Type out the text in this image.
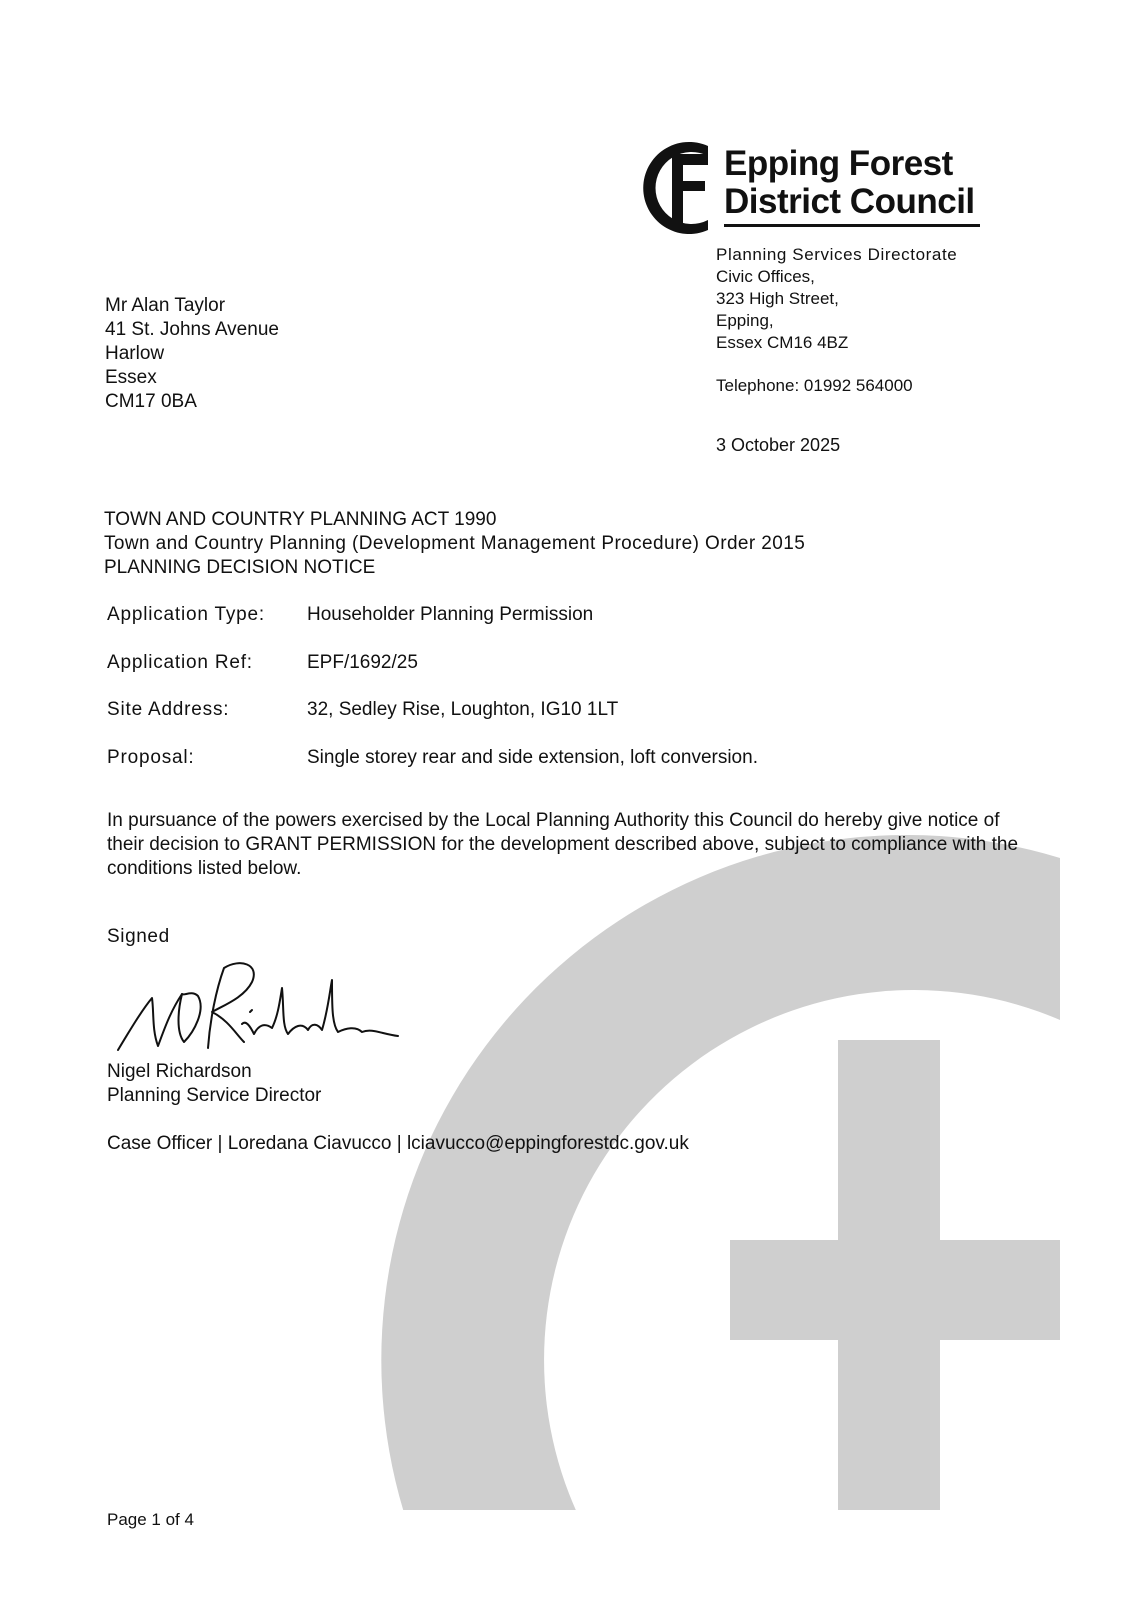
Epping Forest
District Council
Planning Services Directorate
Civic Offices,
323 High Street,
Epping,
Essex CM16 4BZ
Telephone: 01992 564000
3 October 2025
Mr Alan Taylor
41 St. Johns Avenue
Harlow
Essex
CM17 0BA
TOWN AND COUNTRY PLANNING ACT 1990
Town and Country Planning (Development Management Procedure) Order 2015
PLANNING DECISION NOTICE
Application Type: Householder Planning Permission
Application Ref:	EPF/1692/25
Site Address:	32, Sedley Rise, Loughton, IG10 1LT
Proposal:	Single storey rear and side extension, loft conversion.
In pursuance of the powers exercised by the Local Planning Authority this Council do hereby give notice of their decision to GRANT PERMISSION for the development described above, subject to compliance with the conditions listed below.
Signed
Nigel Richardson
Planning Service Director
Case Officer | Loredana Ciavucco | lciavucco@eppingforestdc.gov.uk
Page 1 of 4
